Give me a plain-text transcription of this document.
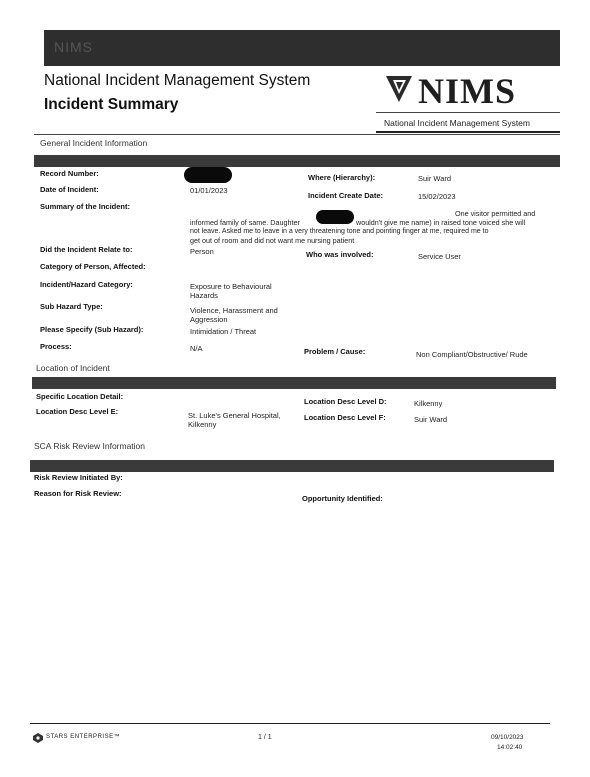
NIMS
National Incident Management System
Incident Summary	NIMS
National Incident Management System
General Incident Information
Record Number:	Where (Hierarchy):	Suir Ward
Date of Incident:	01/01/2023
Incident Create Date:	15/02/2023
Summary of the Incident:
One visitor permitted and
informed family of same. Daughter	wouldn't give me name) in raised tone voiced she will
not leave. Asked me to leave in a very threatening tone and pointing finger at me, required me to
get out of room and did not want me nursing patient
Did the Incident Relate to:	Person	Who was involved:	Service User
Category of Person, Affected:
Incident/Hazard Category:	Exposure to Behavioural
Hazards
Sub Hazard Type:	Violence, Harassment and
Aggression
Please Specify (Sub Hazard):	Intimidation / Threat
Process:	N/A	Problem / Cause:	Non Compliant/Obstructive/ Rude
Location of Incident
Specific Location Detail:
Location Desc Level D:	Kilkenny
Location Desc Level E:	St. Luke's General Hospital,
Kilkenny
Location Desc Level F:	Suir Ward
SCA Risk Review Information
Risk Review Initiated By:
Reason for Risk Review:
Opportunity Identified:
STARS ENTERPRISE™	1 / 1	09/10/2023
14:02:40
